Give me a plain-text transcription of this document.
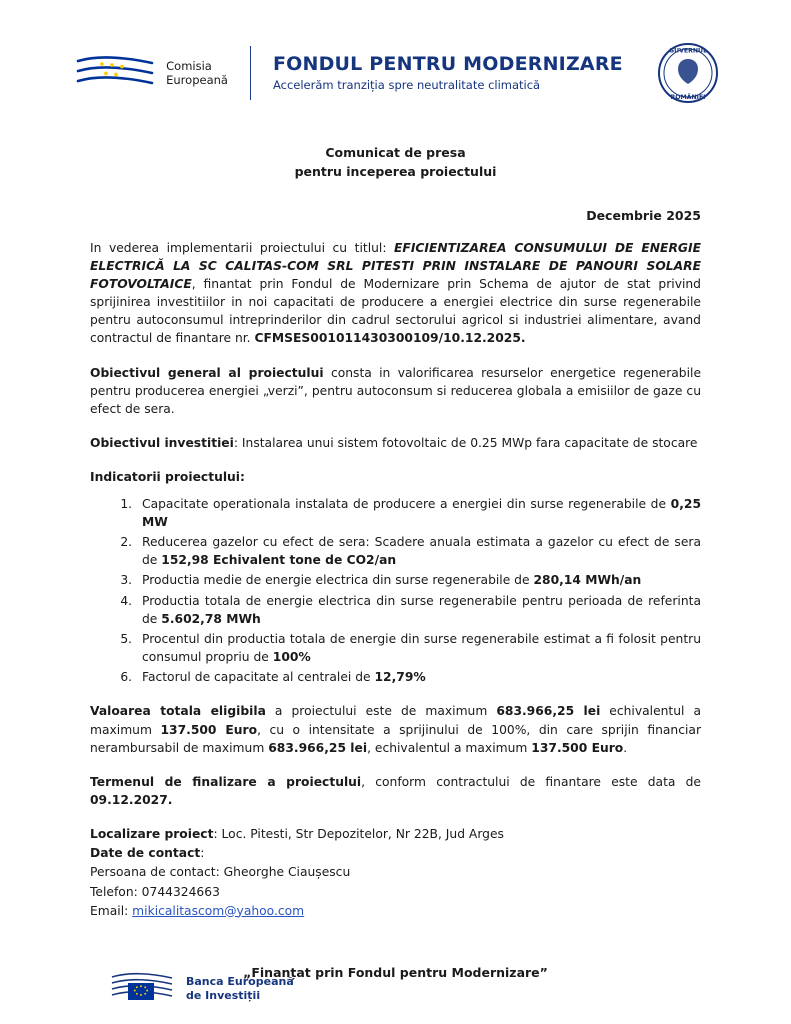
Comisia
Europeană
FONDUL PENTRU MODERNIZARE
Accelerăm tranziția spre neutralitate climatică
GUVERNUL
ROMÂNIEI
Comunicat de presa
pentru inceperea proiectului
Decembrie 2025

In vederea implementarii proiectului cu titlul: EFICIENTIZAREA CONSUMULUI DE ENERGIE ELECTRICĂ LA SC CALITAS-COM SRL PITESTI PRIN INSTALARE DE PANOURI SOLARE FOTOVOLTAICE, finantat prin Fondul de Modernizare prin Schema de ajutor de stat privind sprijinirea investitiilor in noi capacitati de producere a energiei electrice din surse regenerabile pentru autoconsumul intreprinderilor din cadrul sectorului agricol si industriei alimentare, avand contractul de finantare nr. CFMSES001011430300109/10.12.2025.

Obiectivul general al proiectului consta in valorificarea resurselor energetice regenerabile pentru producerea energiei „verzi”, pentru autoconsum si reducerea globala a emisiilor de gaze cu efect de sera.

Obiectivul investitiei: Instalarea unui sistem fotovoltaic de 0.25 MWp fara capacitate de stocare

Indicatorii proiectului:

1. Capacitate operationala instalata de producere a energiei din surse regenerabile de 0,25 MW
2. Reducerea gazelor cu efect de sera: Scadere anuala estimata a gazelor cu efect de sera de 152,98 Echivalent tone de CO2/an
3. Productia medie de energie electrica din surse regenerabile de 280,14 MWh/an
4. Productia totala de energie electrica din surse regenerabile pentru perioada de referinta de 5.602,78 MWh
5. Procentul din productia totala de energie din surse regenerabile estimat a fi folosit pentru consumul propriu de 100%
6. Factorul de capacitate al centralei de 12,79%

Valoarea totala eligibila a proiectului este de maximum 683.966,25 lei echivalentul a maximum 137.500 Euro, cu o intensitate a sprijinului de 100%, din care sprijin financiar nerambursabil de maximum 683.966,25 lei, echivalentul a maximum 137.500 Euro.

Termenul de finalizare a proiectului, conform contractului de finantare este data de 09.12.2027.

Localizare proiect: Loc. Pitesti, Str Depozitelor, Nr 22B, Jud Arges
Date de contact:
Persoana de contact: Gheorghe Ciaușescu
Telefon: 0744324663
Email: mikicalitascom@yahoo.com
Banca Europeană
de Investiții
„Finanțat prin Fondul pentru Modernizare”
